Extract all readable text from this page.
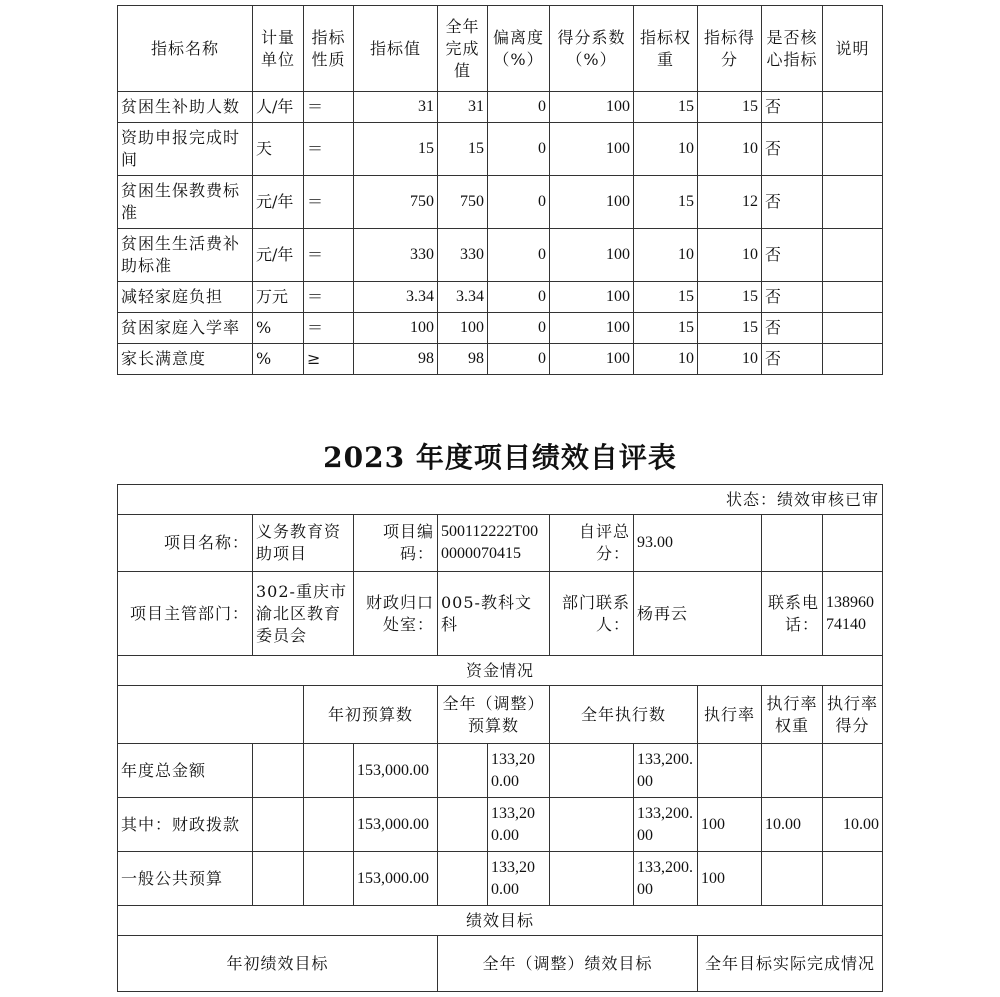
指标名称	计量单位	指标性质	指标值	全年完成值	偏离度（%）	得分系数（%）	指标权重	指标得分	是否核心指标	说明
贫困生补助人数	人/年	＝	31	31	0	100	15	15	否	
资助申报完成时间	天	＝	15	15	0	100	10	10	否	
贫困生保教费标准	元/年	＝	750	750	0	100	15	12	否	
贫困生生活费补助标准	元/年	＝	330	330	0	100	10	10	否	
减轻家庭负担	万元	＝	3.34	3.34	0	100	15	15	否	
贫困家庭入学率	%	＝	100	100	0	100	15	15	否	
家长满意度	%	≥	98	98	0	100	10	10	否	
2023 年度项目绩效自评表
状态：绩效审核已审										
项目名称：	义务教育资助项目		项目编码：	500112222T000000070415		自评总分：	93.00			
项目主管部门：	302-重庆市渝北区教育委员会		财政归口处室：	005-教科文科		部门联系人：	杨再云		联系电话：	13896074140
资金情况										
		年初预算数		全年（调整）预算数		全年执行数		执行率	执行率权重	执行率得分
年度总金额			153,000.00		133,200.00		133,200.00			
其中：财政拨款			153,000.00		133,200.00		133,200.00	100	10.00	10.00
一般公共预算			153,000.00		133,200.00		133,200.00	100		
绩效目标										
年初绩效目标				全年（调整）绩效目标				全年目标实际完成情况		
